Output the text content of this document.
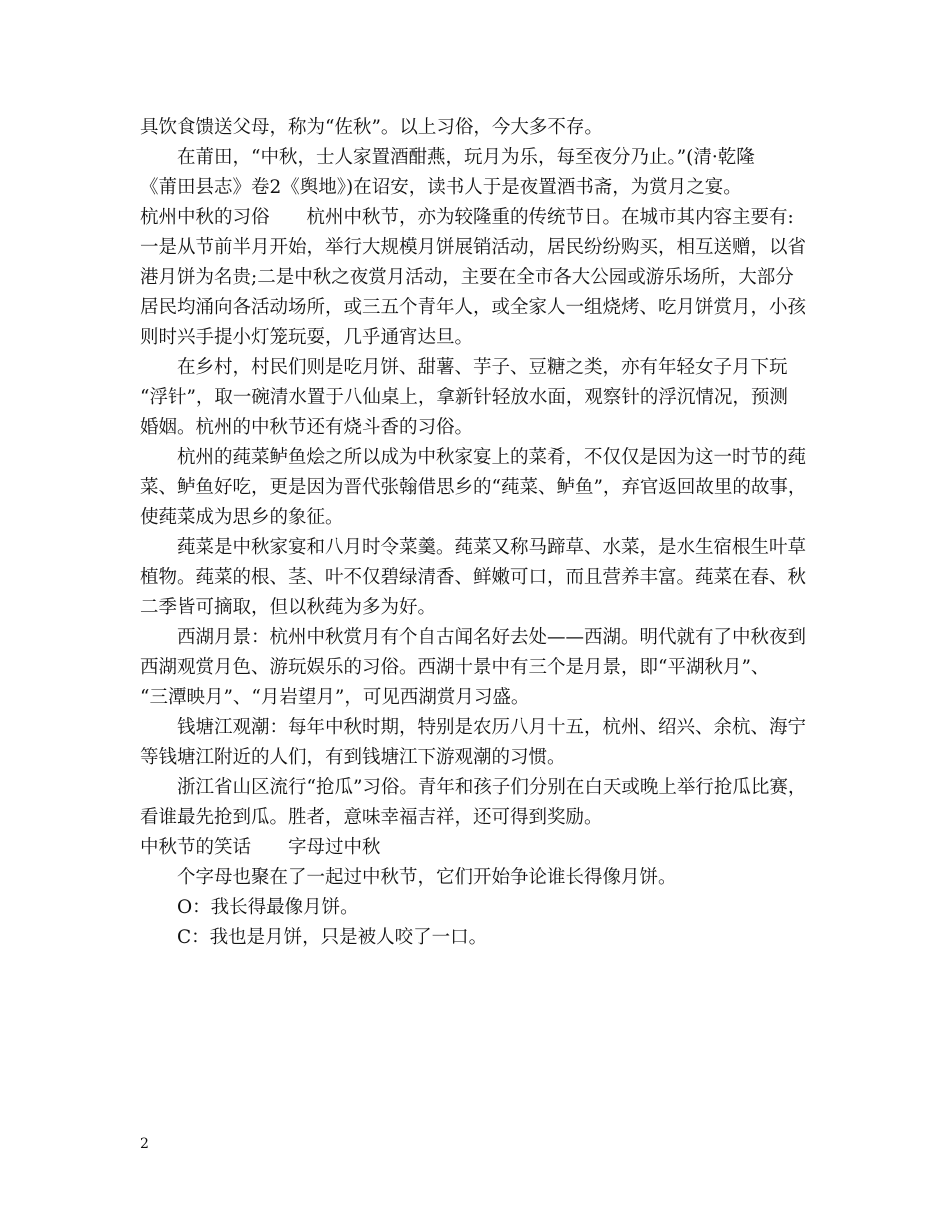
具饮食馈送父母，称为“佐秋”。以上习俗，今大多不存。
在莆田，“中秋，士人家置酒酣燕，玩月为乐，每至夜分乃止。”(清·乾隆
《莆田县志》卷2《舆地》)在诏安，读书人于是夜置酒书斋，为赏月之宴。
杭州中秋的习俗　　杭州中秋节，亦为较隆重的传统节日。在城市其内容主要有:
一是从节前半月开始，举行大规模月饼展销活动，居民纷纷购买，相互送赠，以省
港月饼为名贵;二是中秋之夜赏月活动，主要在全市各大公园或游乐场所，大部分
居民均涌向各活动场所，或三五个青年人，或全家人一组烧烤、吃月饼赏月，小孩
则时兴手提小灯笼玩耍，几乎通宵达旦。
在乡村，村民们则是吃月饼、甜薯、芋子、豆糖之类，亦有年轻女子月下玩
“浮针”，取一碗清水置于八仙桌上，拿新针轻放水面，观察针的浮沉情况，预测
婚姻。杭州的中秋节还有烧斗香的习俗。
杭州的莼菜鲈鱼烩之所以成为中秋家宴上的菜肴，不仅仅是因为这一时节的莼
菜、鲈鱼好吃，更是因为晋代张翰借思乡的“莼菜、鲈鱼”，弃官返回故里的故事，
使莼菜成为思乡的象征。
莼菜是中秋家宴和八月时令菜羹。莼菜又称马蹄草、水菜，是水生宿根生叶草
植物。莼菜的根、茎、叶不仅碧绿清香、鲜嫩可口，而且营养丰富。莼菜在春、秋
二季皆可摘取，但以秋莼为多为好。
西湖月景：杭州中秋赏月有个自古闻名好去处——西湖。明代就有了中秋夜到
西湖观赏月色、游玩娱乐的习俗。西湖十景中有三个是月景，即“平湖秋月”、
“三潭映月”、“月岩望月”，可见西湖赏月习盛。
钱塘江观潮：每年中秋时期，特别是农历八月十五，杭州、绍兴、余杭、海宁
等钱塘江附近的人们，有到钱塘江下游观潮的习惯。
浙江省山区流行“抢瓜”习俗。青年和孩子们分别在白天或晚上举行抢瓜比赛，
看谁最先抢到瓜。胜者，意味幸福吉祥，还可得到奖励。
中秋节的笑话　　字母过中秋
个字母也聚在了一起过中秋节，它们开始争论谁长得像月饼。
O：我长得最像月饼。
C：我也是月饼，只是被人咬了一口。
2
